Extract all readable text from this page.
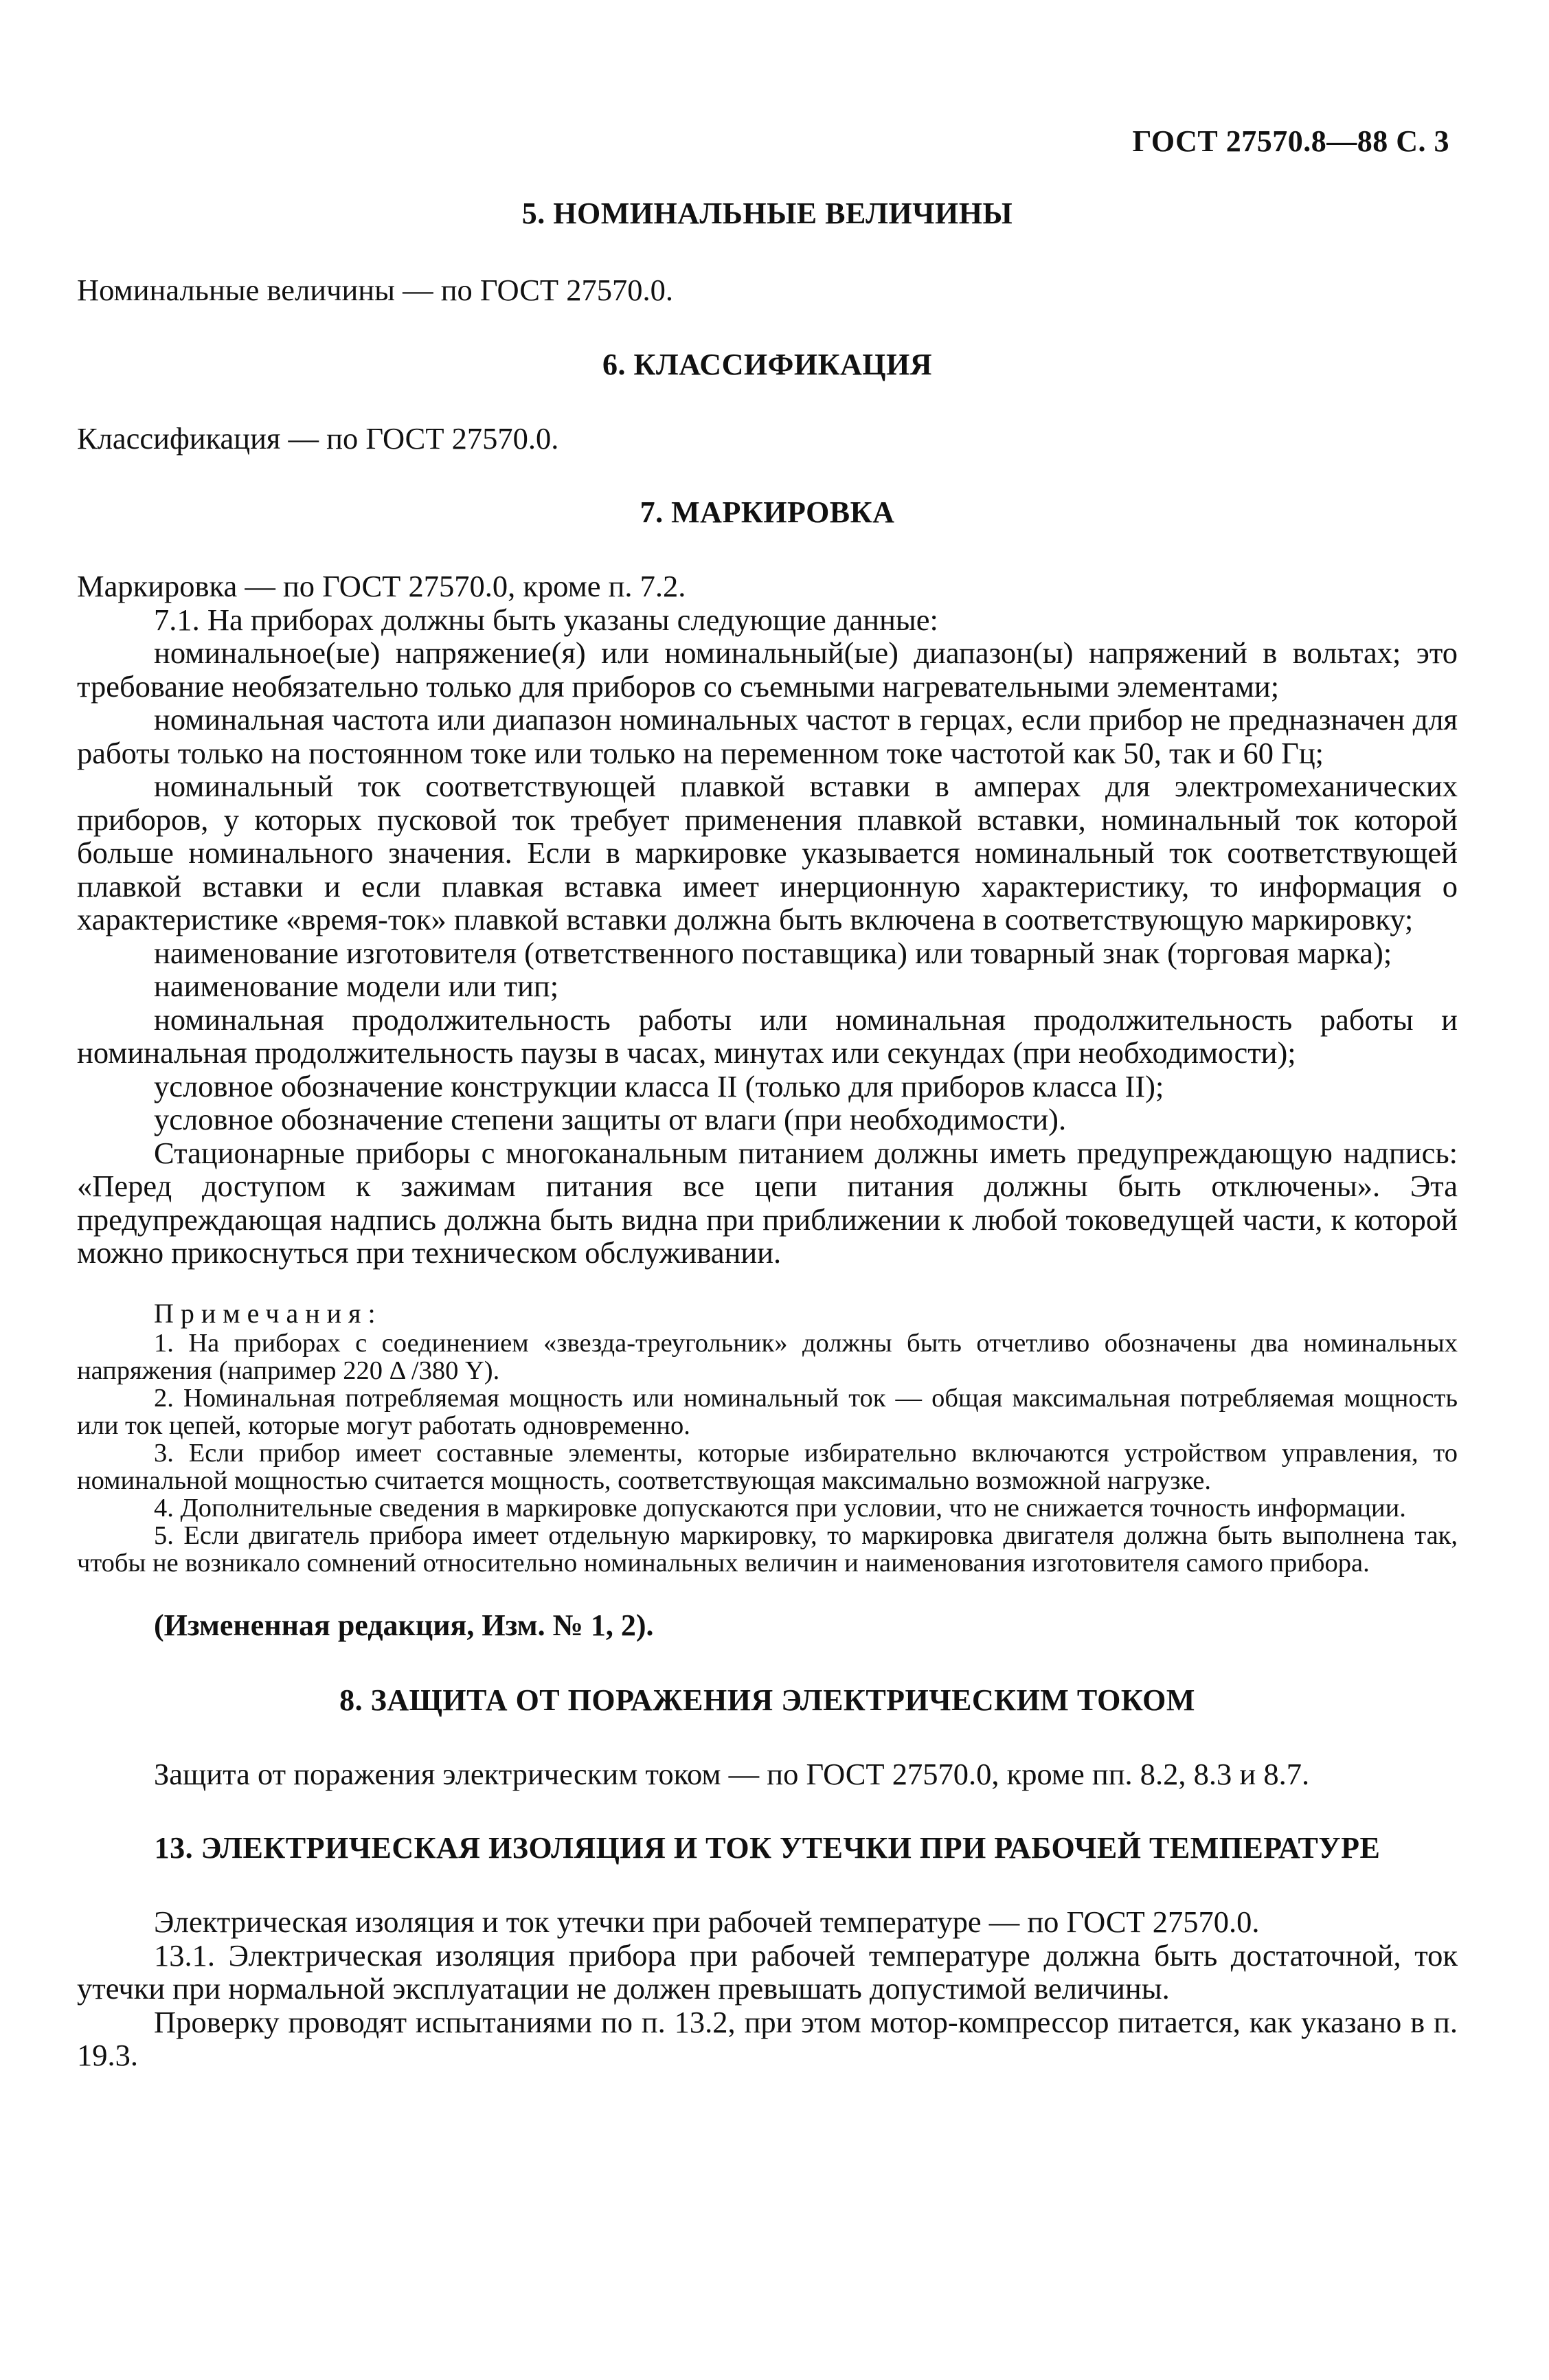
ГОСТ 27570.8—88 С. 3
5. НОМИНАЛЬНЫЕ ВЕЛИЧИНЫ

Номинальные величины — по ГОСТ 27570.0.

6. КЛАССИФИКАЦИЯ

Классификация — по ГОСТ 27570.0.

7. МАРКИРОВКА

Маркировка — по ГОСТ 27570.0, кроме п. 7.2.

7.1. На приборах должны быть указаны следующие данные:

номинальное(ые) напряжение(я) или номинальный(ые) диапазон(ы) напряжений в вольтах; это требование необязательно только для приборов со съемными нагревательными элементами;

номинальная частота или диапазон номинальных частот в герцах, если прибор не предназначен для работы только на постоянном токе или только на переменном токе частотой как 50, так и 60 Гц;

номинальный ток соответствующей плавкой вставки в амперах для электромеханических приборов, у которых пусковой ток требует применения плавкой вставки, номинальный ток которой больше номинального значения. Если в маркировке указывается номинальный ток соответствующей плавкой вставки и если плавкая вставка имеет инерционную характеристику, то информация о характеристике «время-ток» плавкой вставки должна быть включена в соответствующую маркировку;

наименование изготовителя (ответственного поставщика) или товарный знак (торговая марка);

наименование модели или тип;

номинальная продолжительность работы или номинальная продолжительность работы и номинальная продолжительность паузы в часах, минутах или секундах (при необходимости);

условное обозначение конструкции класса II (только для приборов класса II);

условное обозначение степени защиты от влаги (при необходимости).

Стационарные приборы с многоканальным питанием должны иметь предупреждающую надпись: «Перед доступом к зажимам питания все цепи питания должны быть отключены». Эта предупреждающая надпись должна быть видна при приближении к любой токоведущей части, к которой можно прикоснуться при техническом обслуживании.

Примечания:

1. На приборах с соединением «звезда-треугольник» должны быть отчетливо обозначены два номинальных напряжения (например 220 Δ /380 Y).

2. Номинальная потребляемая мощность или номинальный ток — общая максимальная потребляемая мощность или ток цепей, которые могут работать одновременно.

3. Если прибор имеет составные элементы, которые избирательно включаются устройством управления, то номинальной мощностью считается мощность, соответствующая максимально возможной нагрузке.

4. Дополнительные сведения в маркировке допускаются при условии, что не снижается точность информации.

5. Если двигатель прибора имеет отдельную маркировку, то маркировка двигателя должна быть выполнена так, чтобы не возникало сомнений относительно номинальных величин и наименования изготовителя самого прибора.

(Измененная редакция, Изм. № 1, 2).

8. ЗАЩИТА ОТ ПОРАЖЕНИЯ ЭЛЕКТРИЧЕСКИМ ТОКОМ

Защита от поражения электрическим током — по ГОСТ 27570.0, кроме пп. 8.2, 8.3 и 8.7.

13. ЭЛЕКТРИЧЕСКАЯ ИЗОЛЯЦИЯ И ТОК УТЕЧКИ ПРИ РАБОЧЕЙ ТЕМПЕРАТУРЕ

Электрическая изоляция и ток утечки при рабочей температуре — по ГОСТ 27570.0.

13.1. Электрическая изоляция прибора при рабочей температуре должна быть достаточной, ток утечки при нормальной эксплуатации не должен превышать допустимой величины.

Проверку проводят испытаниями по п. 13.2, при этом мотор-компрессор питается, как указано в п. 19.3.
